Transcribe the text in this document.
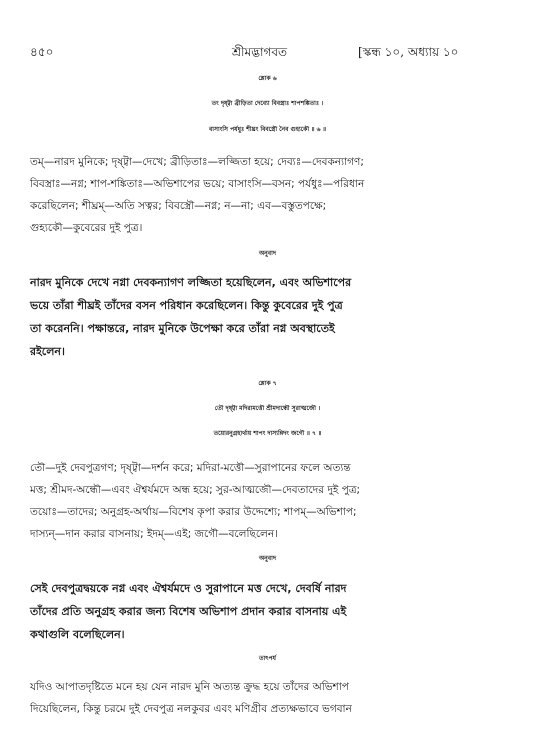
৪৫০	শ্রীমদ্ভাগবত	[স্কন্ধ ১০, অধ্যায় ১০
শ্লোক ৬
তং দৃষ্ট্বা ব্রীড়িতা দেব্যো বিবস্ত্রাঃ শাপশঙ্কিতাঃ ।
বাসাংসি পর্যধুঃ শীঘ্রং বিবস্ত্রৌ নৈব গুহ্যকৌ ॥ ৬ ॥
তম্—নারদ মুনিকে; দৃষ্ট্বা—দেখে; ব্রীড়িতাঃ—লজ্জিতা হয়ে; দেব্যঃ—দেবকন্যাগণ;
বিবস্ত্রাঃ—নগ্ন; শাপ-শঙ্কিতাঃ—অভিশাপের ভয়ে; বাসাংসি—বসন; পর্যধুঃ—পরিধান
করেছিলেন; শীঘ্রম্—অতি সত্বর; বিবস্ত্রৌ—নগ্ন; ন—না; এব—বস্তুতপক্ষে;
গুহ্যকৌ—কুবেরের দুই পুত্র।
অনুবাদ
নারদ মুনিকে দেখে নগ্না দেবকন্যাগণ লজ্জিতা হয়েছিলেন, এবং অভিশাপের
ভয়ে তাঁরা শীঘ্রই তাঁদের বসন পরিধান করেছিলেন। কিন্তু কুবেরের দুই পুত্র
তা করেননি। পক্ষান্তরে, নারদ মুনিকে উপেক্ষা করে তাঁরা নগ্ন অবস্থাতেই
রইলেন।
শ্লোক ৭
তৌ দৃষ্ট্বা মদিরামত্তৌ শ্রীমদান্ধৌ সুরাত্মজৌ ।
তয়োরনুগ্রহার্থায় শাপং দাস্যন্নিদং জগৌ ॥ ৭ ॥
তৌ—দুই দেবপুত্রগণ; দৃষ্ট্বা—দর্শন করে; মদিরা-মত্তৌ—সুরাপানের ফলে অত্যন্ত
মত্ত; শ্রীমদ-অন্ধৌ—এবং ঐশ্বর্যমদে অন্ধ হয়ে; সুর-আত্মজৌ—দেবতাদের দুই পুত্র;
তয়োঃ—তাদের; অনুগ্রহ-অর্থায়—বিশেষ কৃপা করার উদ্দেশ্যে; শাপম্—অভিশাপ;
দাস্যন্—দান করার বাসনায়; ইদম্—এই; জগৌ—বলেছিলেন।
অনুবাদ
সেই দেবপুত্রদ্বয়কে নগ্ন এবং ঐশ্বর্যমদে ও সুরাপানে মত্ত দেখে, দেবর্ষি নারদ
তাঁদের প্রতি অনুগ্রহ করার জন্য বিশেষ অভিশাপ প্রদান করার বাসনায় এই
কথাগুলি বলেছিলেন।
তাৎপর্য
যদিও আপাতদৃষ্টিতে মনে হয় যেন নারদ মুনি অত্যন্ত ক্রুদ্ধ হয়ে তাঁদের অভিশাপ
দিয়েছিলেন, কিন্তু চরমে দুই দেবপুত্র নলকুবর এবং মণিগ্রীব প্রত্যক্ষভাবে ভগবান
